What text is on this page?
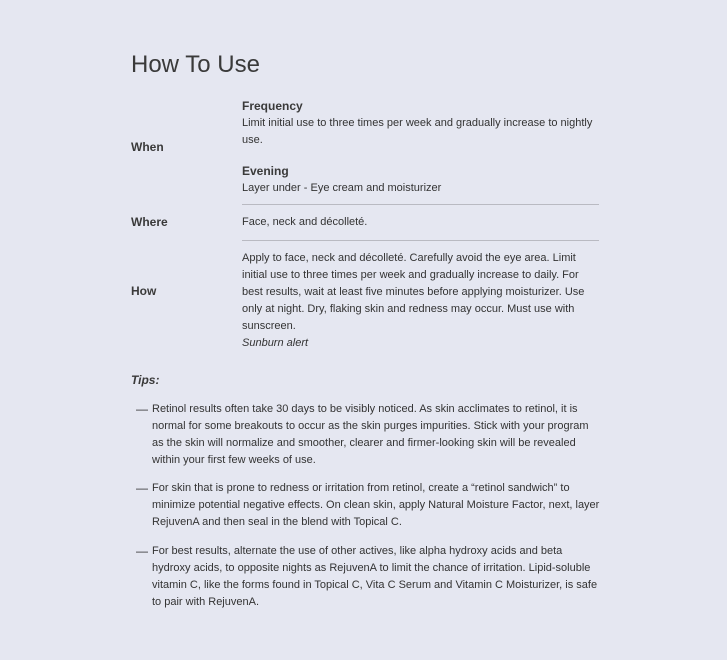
How To Use
When
Frequency
Limit initial use to three times per week and gradually increase to nightly use.
Evening
Layer under - Eye cream and moisturizer
Where	Face, neck and décolleté.
How
Apply to face, neck and décolleté. Carefully avoid the eye area. Limit initial use to three times per week and gradually increase to daily. For best results, wait at least five minutes before applying moisturizer. Use only at night. Dry, flaking skin and redness may occur. Must use with sunscreen.
Sunburn alert
Tips:
— Retinol results often take 30 days to be visibly noticed. As skin acclimates to retinol, it is normal for some breakouts to occur as the skin purges impurities. Stick with your program as the skin will normalize and smoother, clearer and firmer-looking skin will be revealed within your first few weeks of use.
— For skin that is prone to redness or irritation from retinol, create a “retinol sandwich” to minimize potential negative effects. On clean skin, apply Natural Moisture Factor, next, layer RejuvenA and then seal in the blend with Topical C.
— For best results, alternate the use of other actives, like alpha hydroxy acids and beta hydroxy acids, to opposite nights as RejuvenA to limit the chance of irritation. Lipid-soluble vitamin C, like the forms found in Topical C, Vita C Serum and Vitamin C Moisturizer, is safe to pair with RejuvenA.
